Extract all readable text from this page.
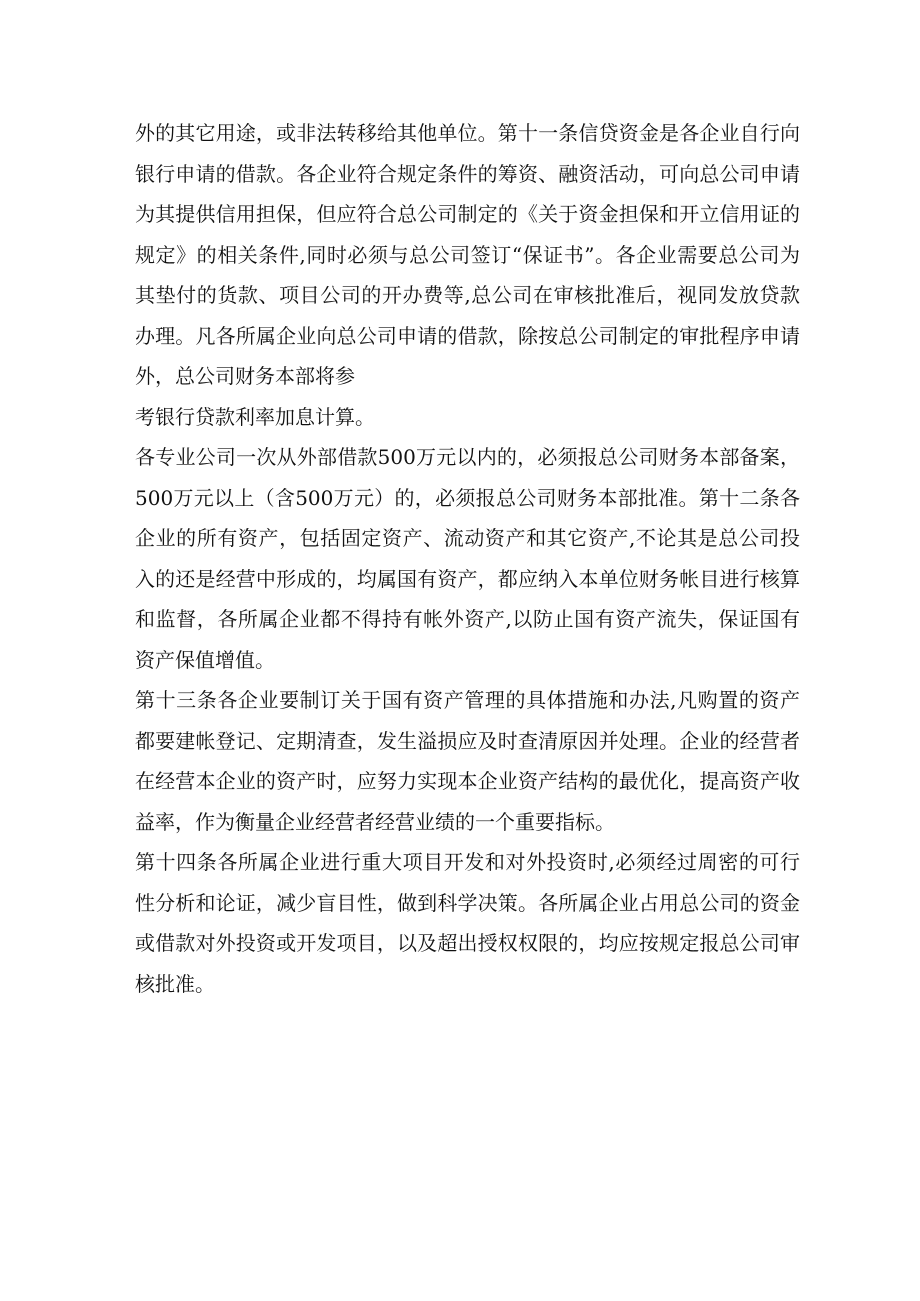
外的其它用途，或非法转移给其他单位。第十一条信贷资金是各企业自行向银行申请的借款。各企业符合规定条件的筹资、融资活动，可向总公司申请为其提供信用担保，但应符合总公司制定的《关于资金担保和开立信用证的规定》的相关条件,同时必须与总公司签订“保证书”。各企业需要总公司为其垫付的货款、项目公司的开办费等,总公司在审核批准后，视同发放贷款办理。凡各所属企业向总公司申请的借款，除按总公司制定的审批程序申请外，总公司财务本部将参

考银行贷款利率加息计算。

各专业公司一次从外部借款500万元以内的，必须报总公司财务本部备案，500万元以上（含500万元）的，必须报总公司财务本部批准。第十二条各企业的所有资产，包括固定资产、流动资产和其它资产,不论其是总公司投入的还是经营中形成的，均属国有资产，都应纳入本单位财务帐目进行核算和监督，各所属企业都不得持有帐外资产,以防止国有资产流失，保证国有资产保值增值。

第十三条各企业要制订关于国有资产管理的具体措施和办法,凡购置的资产都要建帐登记、定期清查，发生溢损应及时查清原因并处理。企业的经营者在经营本企业的资产时，应努力实现本企业资产结构的最优化，提高资产收益率，作为衡量企业经营者经营业绩的一个重要指标。

第十四条各所属企业进行重大项目开发和对外投资时,必须经过周密的可行性分析和论证，减少盲目性，做到科学决策。各所属企业占用总公司的资金或借款对外投资或开发项目，以及超出授权权限的，均应按规定报总公司审核批准。
